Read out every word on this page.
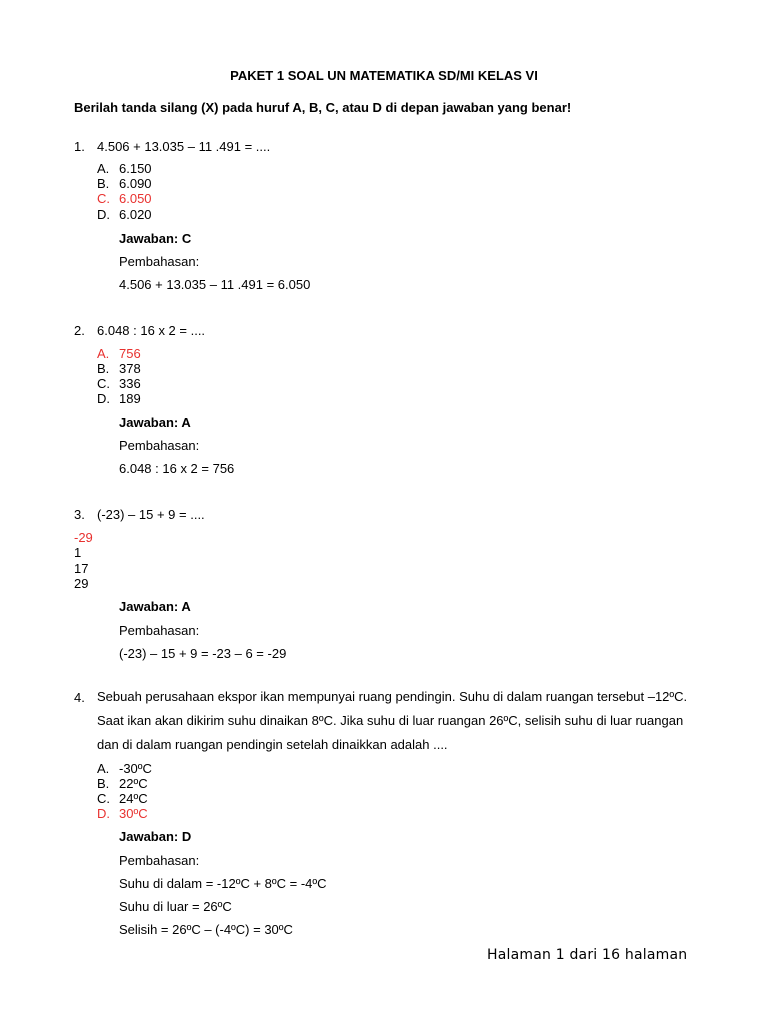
PAKET 1 SOAL UN MATEMATIKA SD/MI KELAS VI
Berilah tanda silang (X) pada huruf A, B, C, atau D di depan jawaban yang benar!
1. 4.506 + 13.035 – 11 .491 = ....
A. 6.150
B. 6.090
C. 6.050
D. 6.020
Jawaban: C
Pembahasan:
4.506 + 13.035 – 11 .491 = 6.050
2. 6.048 : 16 x 2 = ....
A. 756
B. 378
C. 336
D. 189
Jawaban: A
Pembahasan:
6.048 : 16 x 2 = 756
3. (-23) – 15 + 9 = ....
-29
1
17
29
Jawaban: A
Pembahasan:
(-23) – 15 + 9 = -23 – 6 = -29
4. Sebuah perusahaan ekspor ikan mempunyai ruang pendingin. Suhu di dalam ruangan tersebut –12ºC. Saat ikan akan dikirim suhu dinaikan 8ºC. Jika suhu di luar ruangan 26ºC, selisih suhu di luar ruangan dan di dalam ruangan pendingin setelah dinaikkan adalah ....
A. -30ºC
B. 22ºC
C. 24ºC
D. 30ºC
Jawaban: D
Pembahasan:
Suhu di dalam = -12ºC + 8ºC = -4ºC
Suhu di luar = 26ºC
Selisih = 26ºC – (-4ºC) = 30ºC
Halaman 1 dari 16 halaman
